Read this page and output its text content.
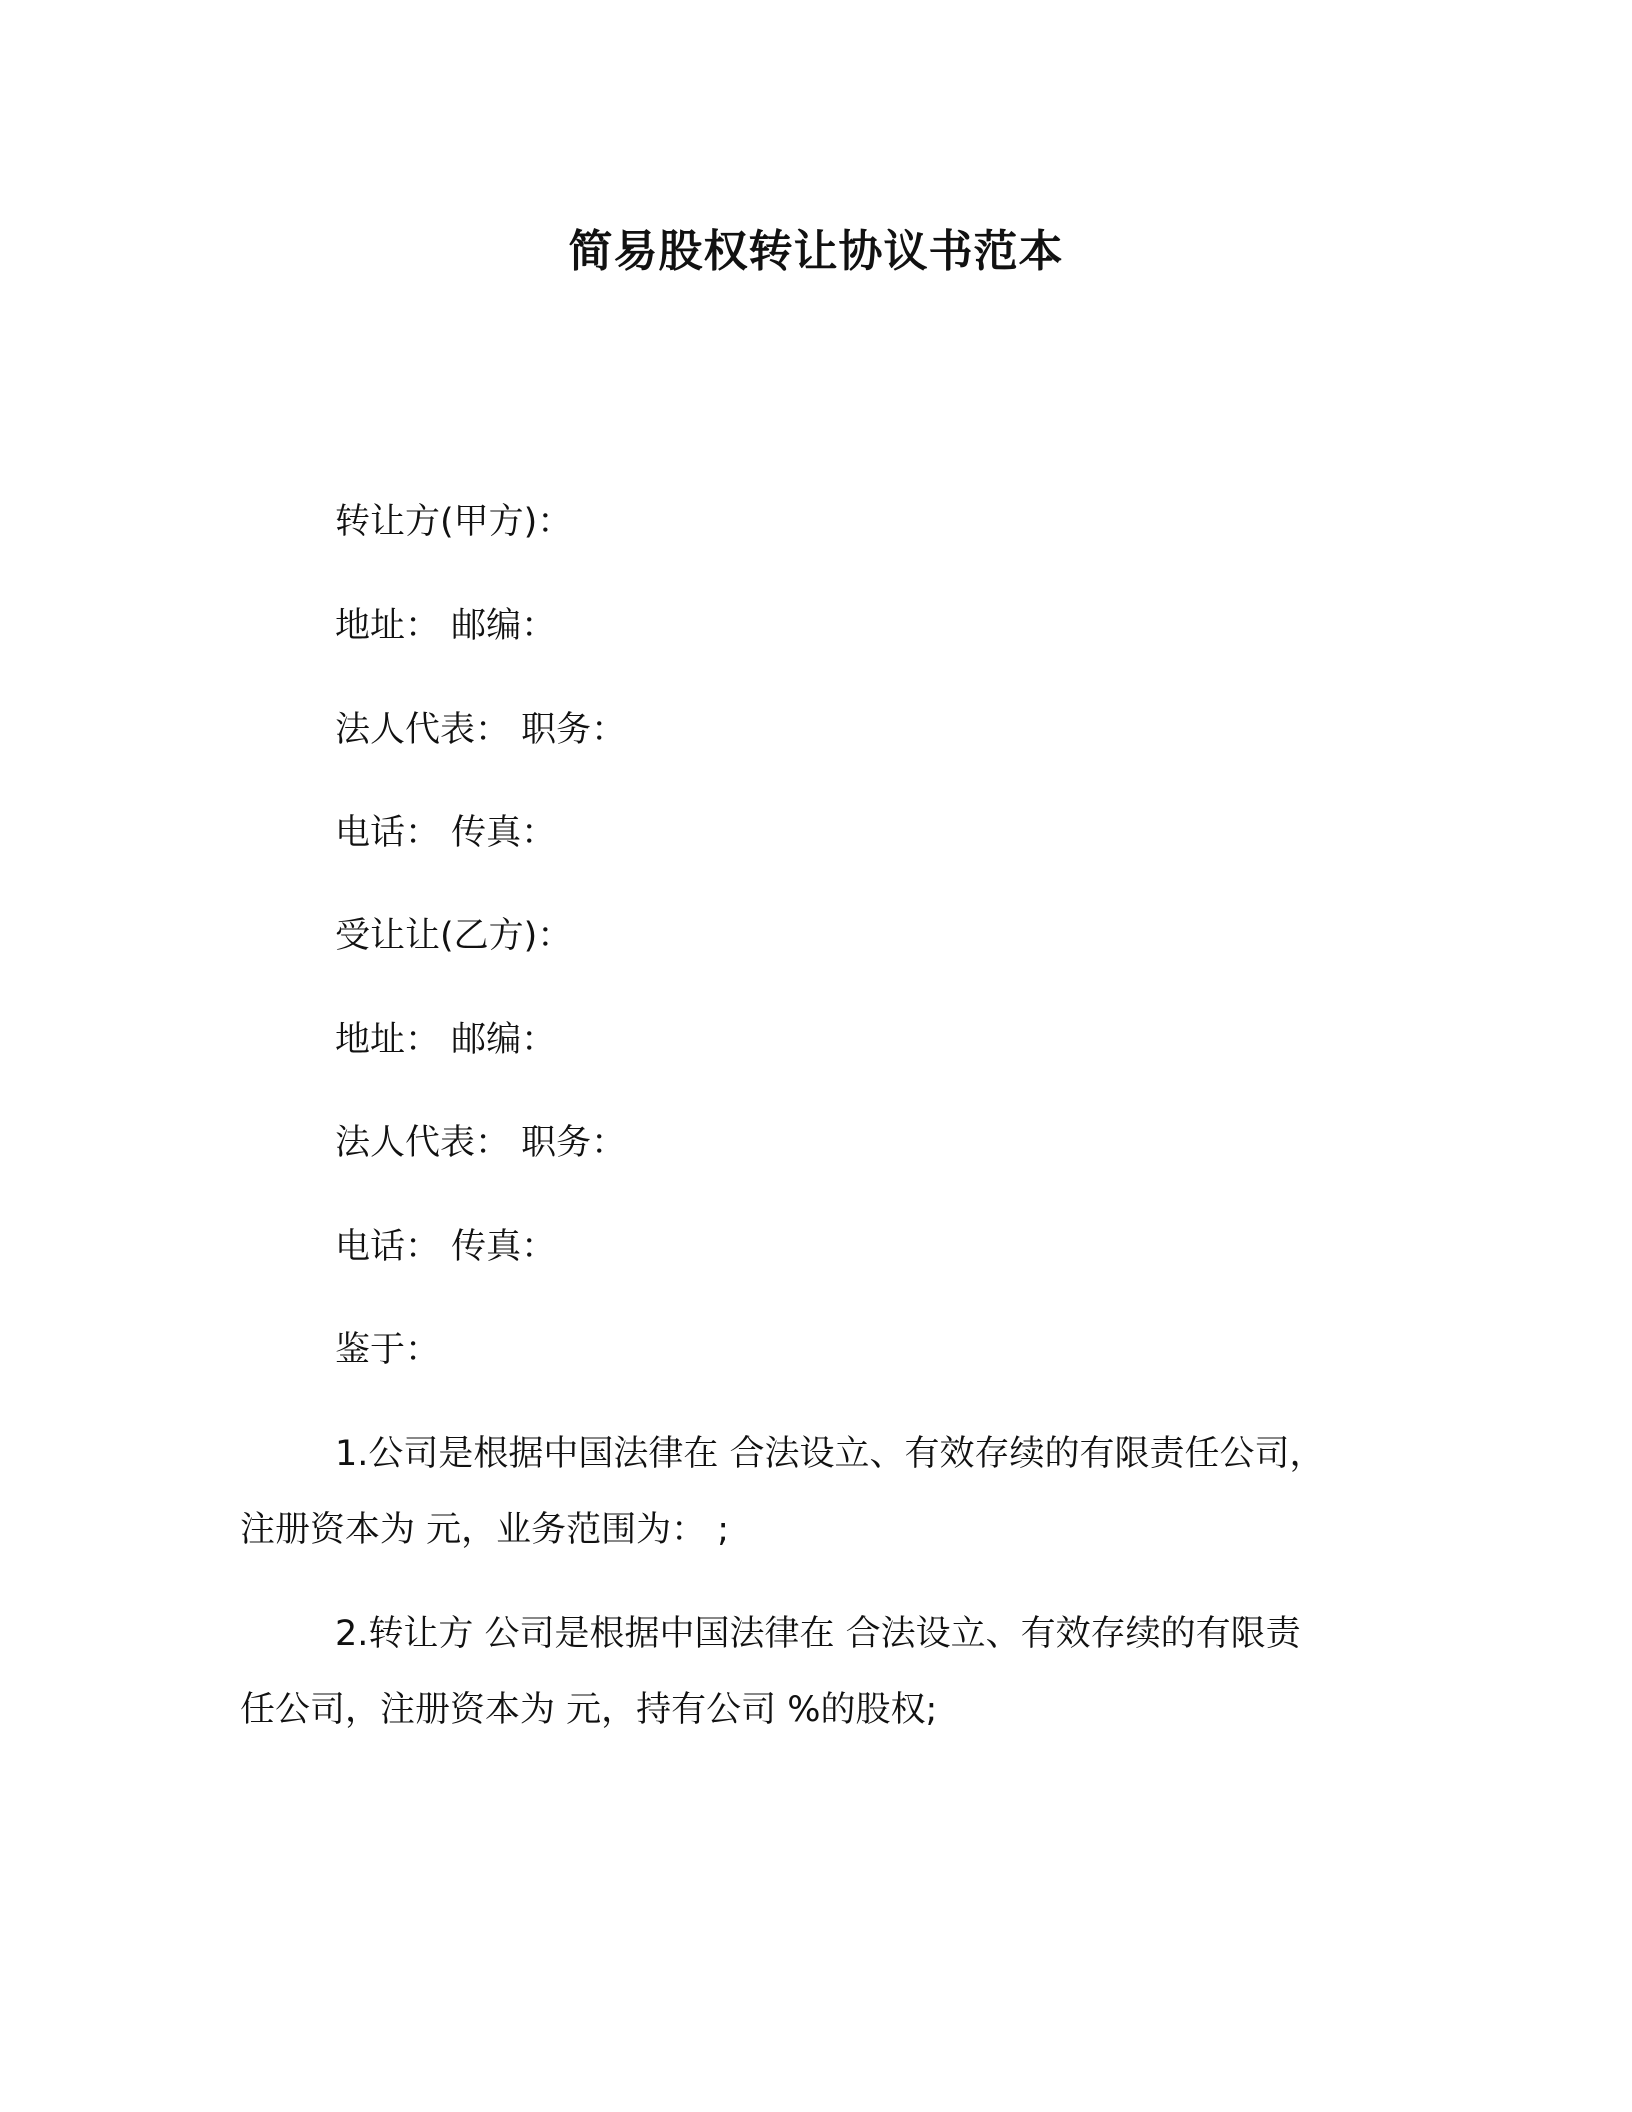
简易股权转让协议书范本
转让方(甲方)：
地址： 邮编：
法人代表： 职务：
电话： 传真：
受让让(乙方)：
地址： 邮编：
法人代表： 职务：
电话： 传真：
鉴于：
1.公司是根据中国法律在 合法设立、有效存续的有限责任公司，
注册资本为 元，业务范围为： ;
2.转让方 公司是根据中国法律在 合法设立、有效存续的有限责
任公司，注册资本为 元，持有公司 %的股权;
